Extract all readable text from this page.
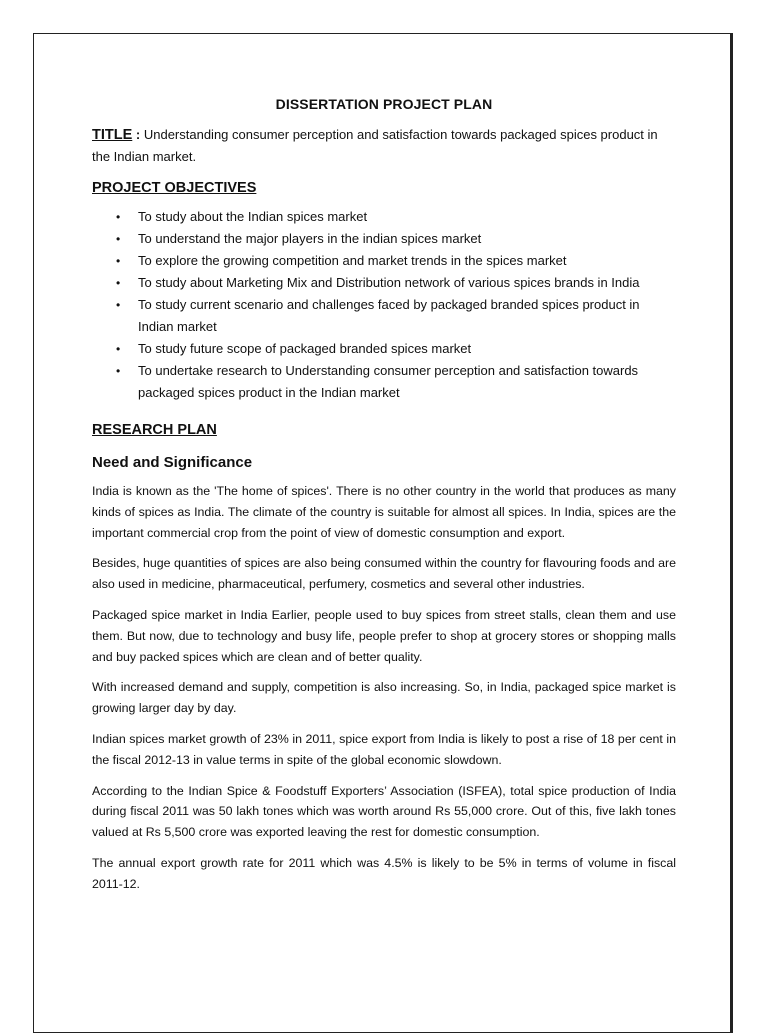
DISSERTATION PROJECT PLAN
TITLE : Understanding consumer perception and satisfaction towards packaged spices product in the Indian market.
PROJECT OBJECTIVES
• To study about the Indian spices market
• To understand the major players in the indian spices market
• To explore the growing competition and market trends in the spices market
• To study about Marketing Mix and Distribution network of various spices brands in India
• To study current scenario and challenges faced by packaged branded spices product in Indian market
• To study future scope of packaged branded spices market
• To undertake research to Understanding consumer perception and satisfaction towards packaged spices product in the Indian market
RESEARCH PLAN
Need and Significance

India is known as the 'The home of spices'. There is no other country in the world that produces as many kinds of spices as India. The climate of the country is suitable for almost all spices. In India, spices are the important commercial crop from the point of view of domestic consumption and export.

Besides, huge quantities of spices are also being consumed within the country for flavouring foods and are also used in medicine, pharmaceutical, perfumery, cosmetics and several other industries.

Packaged spice market in India Earlier, people used to buy spices from street stalls, clean them and use them. But now, due to technology and busy life, people prefer to shop at grocery stores or shopping malls and buy packed spices which are clean and of better quality.

With increased demand and supply, competition is also increasing. So, in India, packaged spice market is growing larger day by day.

Indian spices market growth of 23% in 2011, spice export from India is likely to post a rise of 18 per cent in the fiscal 2012-13 in value terms in spite of the global economic slowdown.

According to the Indian Spice & Foodstuff Exporters’ Association (ISFEA), total spice production of India during fiscal 2011 was 50 lakh tones which was worth around Rs 55,000 crore. Out of this, five lakh tones valued at Rs 5,500 crore was exported leaving the rest for domestic consumption.

The annual export growth rate for 2011 which was 4.5% is likely to be 5% in terms of volume in fiscal 2011-12.
